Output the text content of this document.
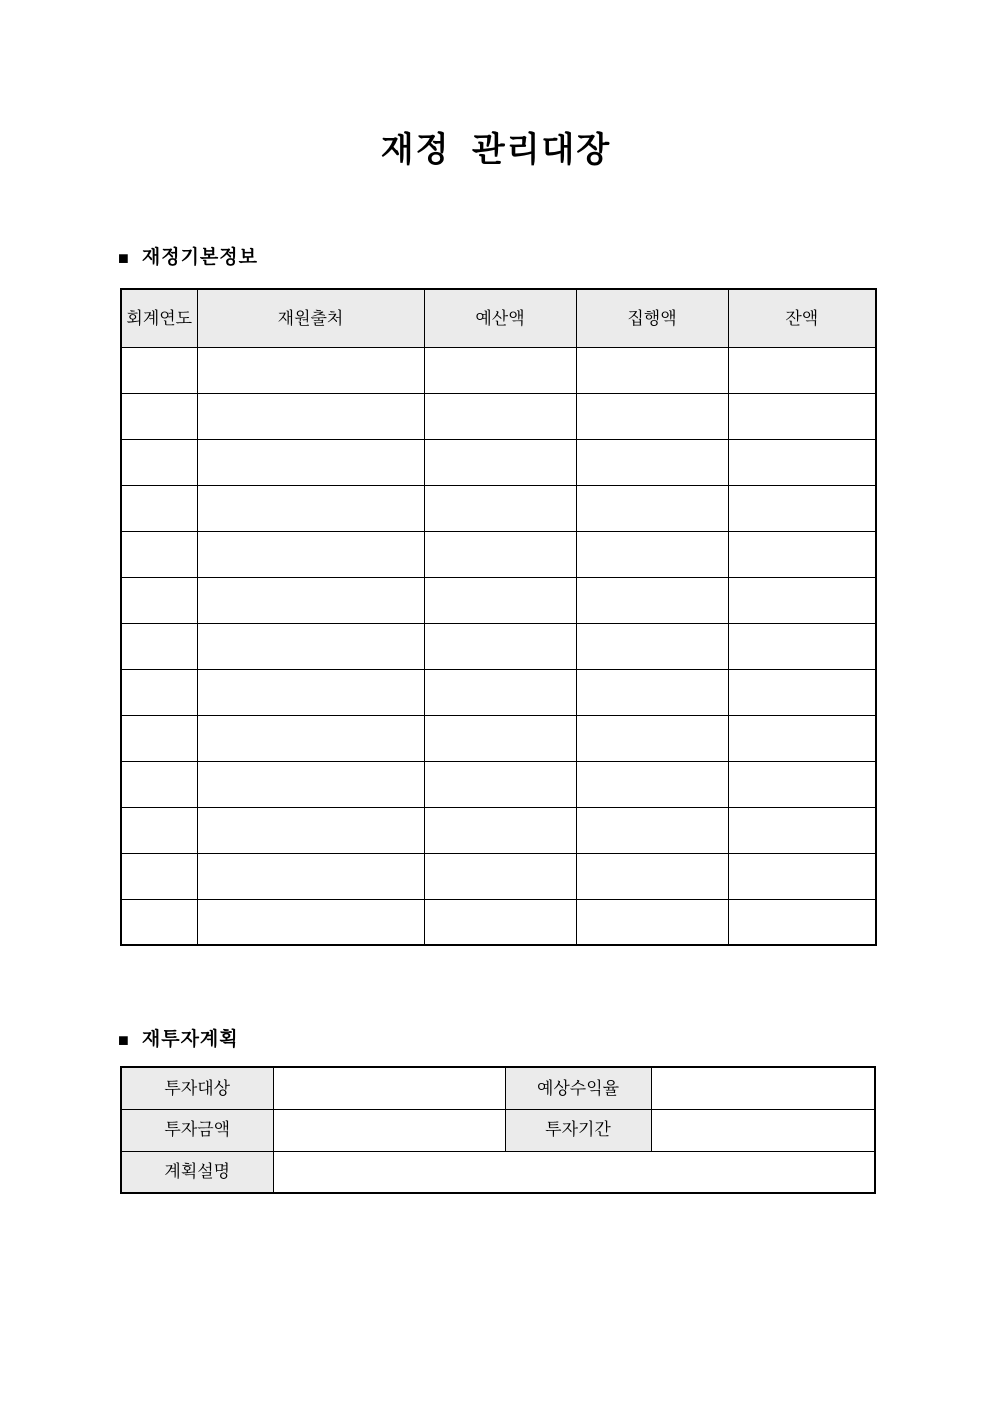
재정 관리대장
■ 재정기본정보
회계연도	재원출처	예산액	집행액	잔액

■ 재투자계획
투자대상		예상수익율	
투자금액		투자기간	
계획설명			
